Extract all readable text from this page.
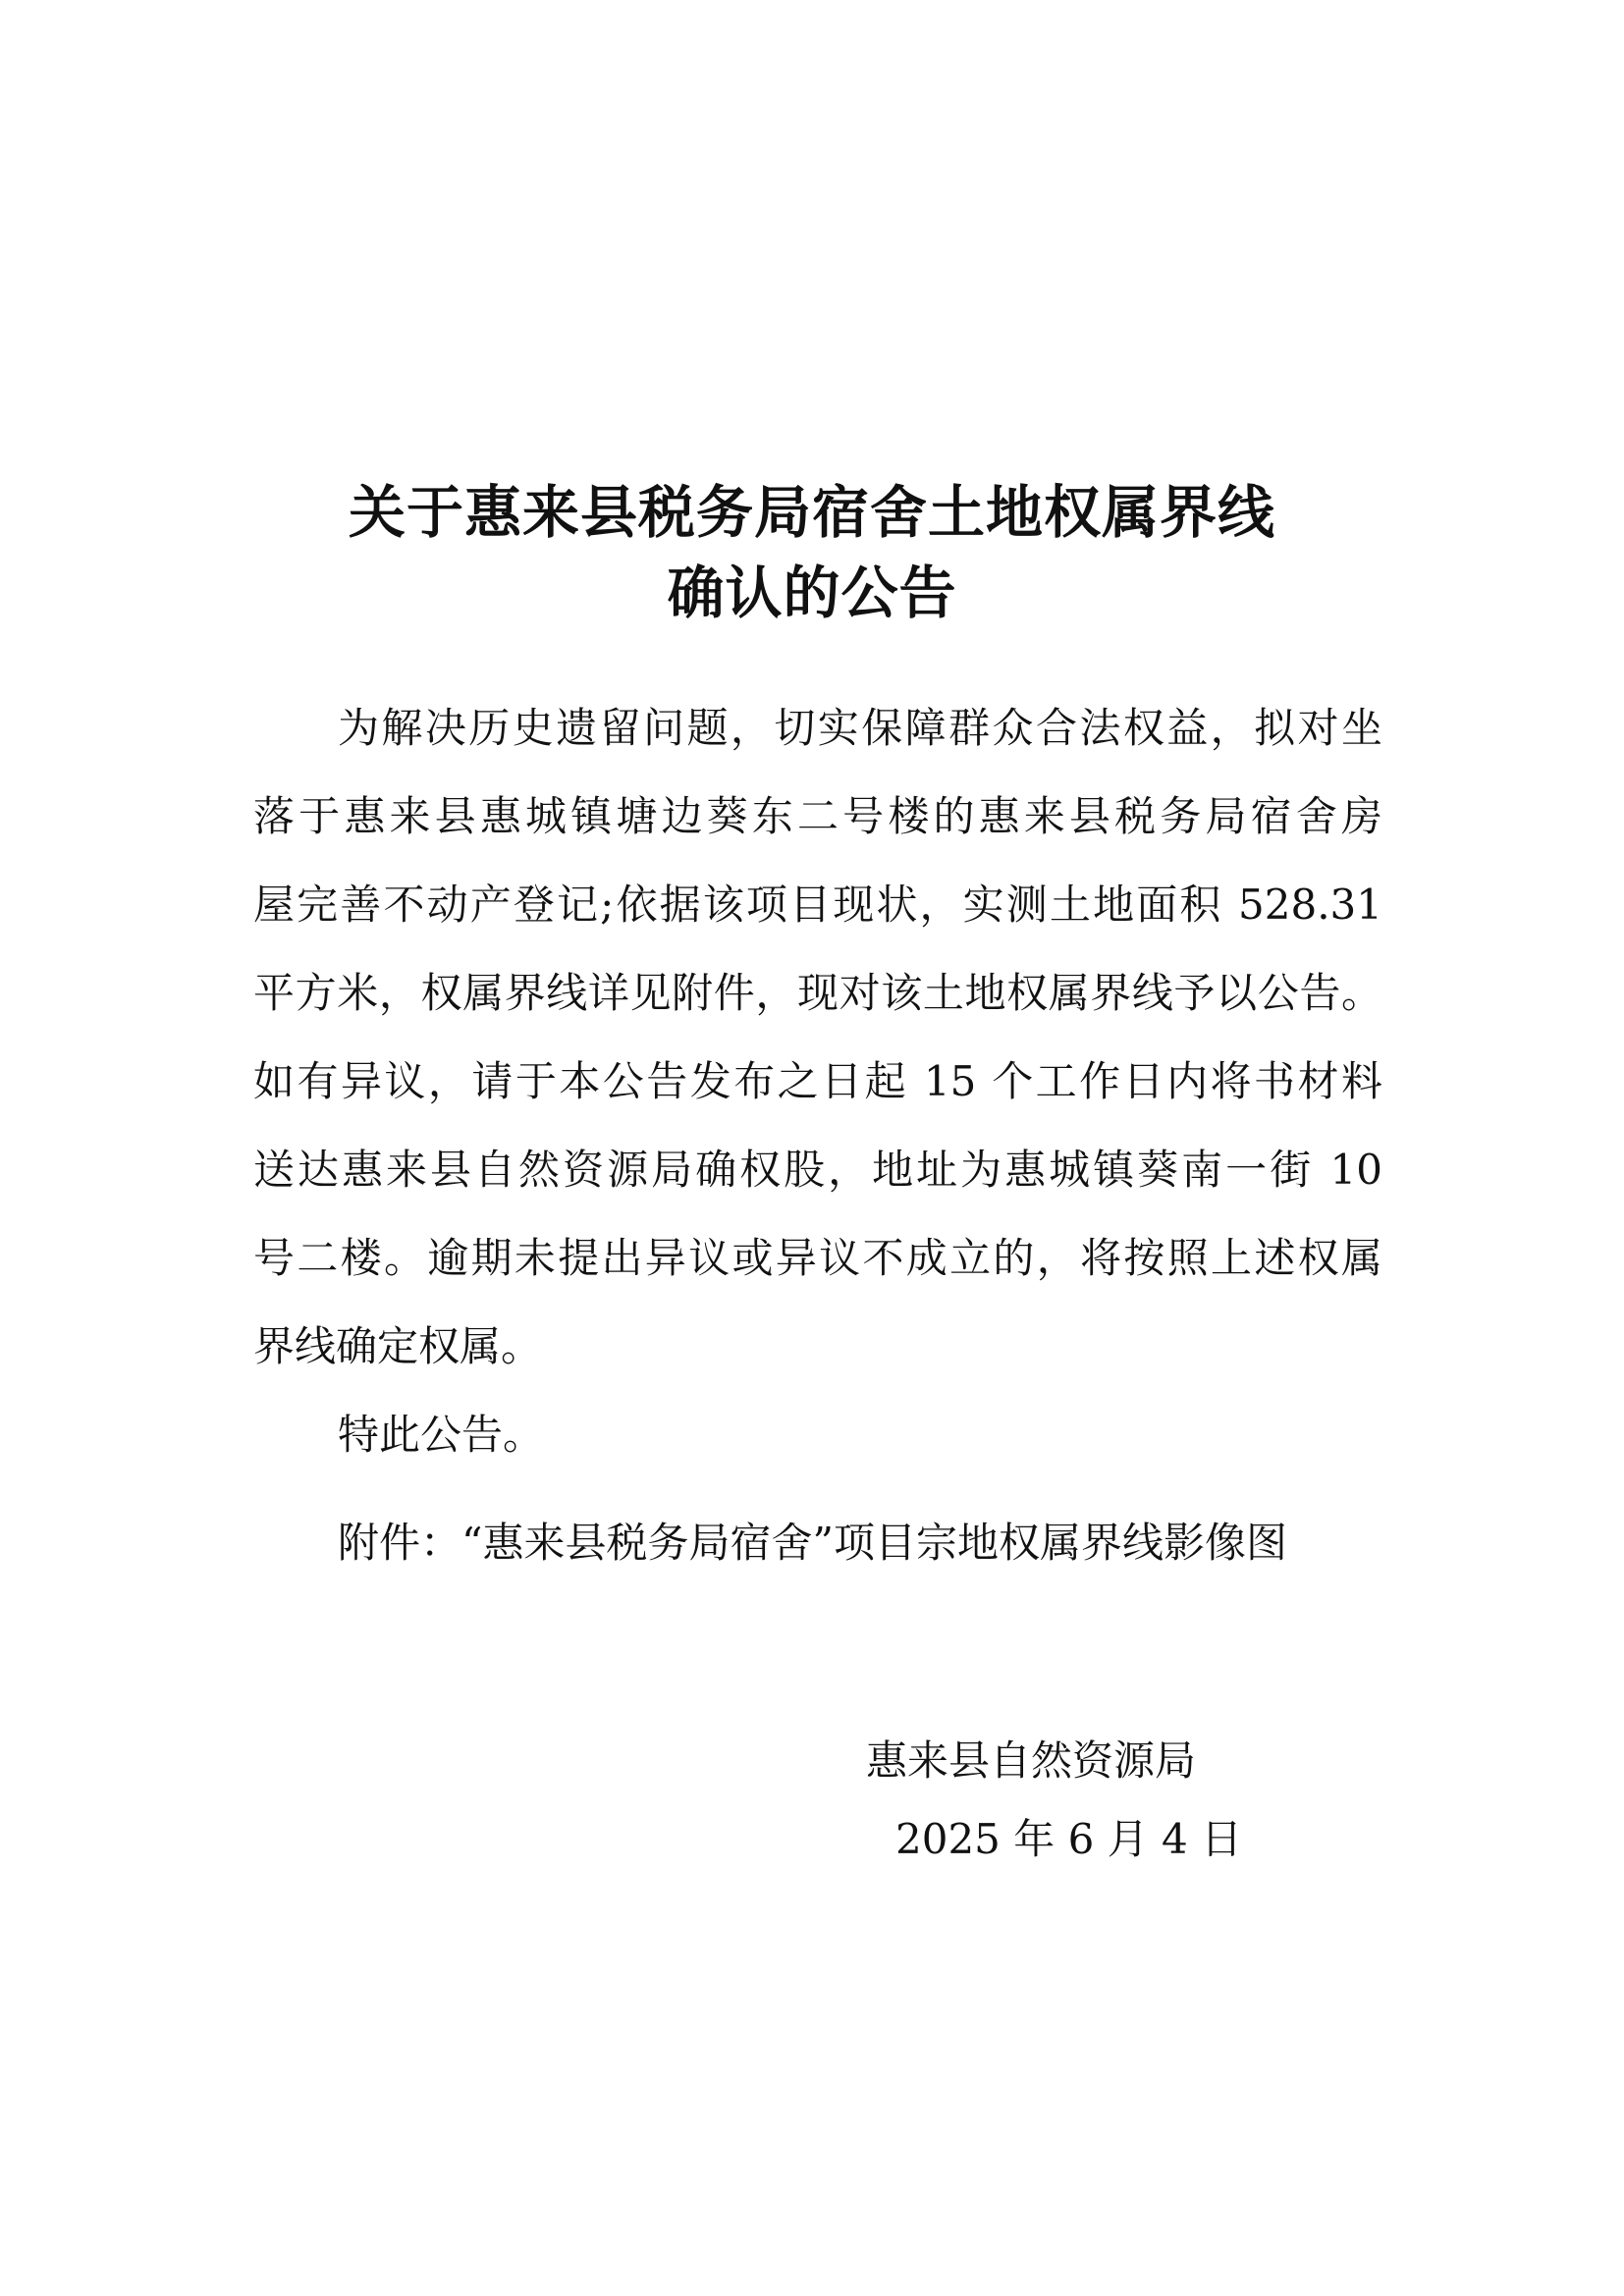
关于惠来县税务局宿舍土地权属界线
确认的公告
为解决历史遗留问题，切实保障群众合法权益，拟对坐
落于惠来县惠城镇塘边葵东二号楼的惠来县税务局宿舍房
屋完善不动产登记;依据该项目现状，实测土地面积 528.31
平方米，权属界线详见附件，现对该土地权属界线予以公告。
如有异议，请于本公告发布之日起 15 个工作日内将书材料
送达惠来县自然资源局确权股，地址为惠城镇葵南一街 10
号二楼。逾期未提出异议或异议不成立的，将按照上述权属
界线确定权属。
特此公告。
附件：“惠来县税务局宿舍”项目宗地权属界线影像图
惠来县自然资源局
2025 年 6 月 4 日
